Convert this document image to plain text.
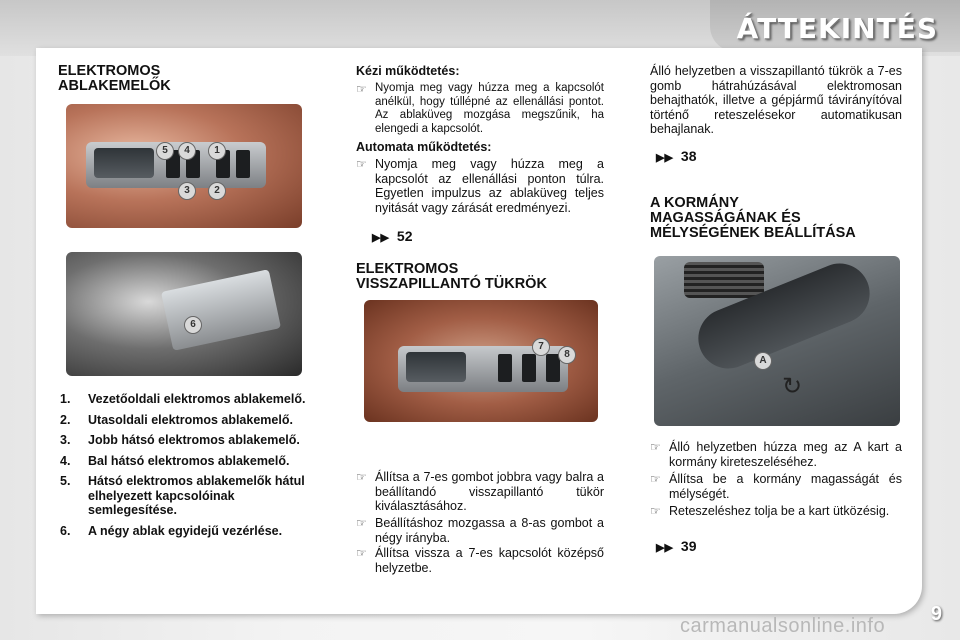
ÁTTEKINTÉS
ELEKTROMOS
ABLAKEMELŐK
5	4	1
3	2
6
1. Vezetőoldali elektromos ablakemelő.
2. Utasoldali elektromos ablakemelő.
3. Jobb hátsó elektromos ablakemelő.
4. Bal hátsó elektromos ablakemelő.
5. Hátsó elektromos ablakemelők hátul elhelyezett kapcsolóinak semlegesítése.
6. A négy ablak egyidejű vezérlése.
Kézi működtetés:
☞ Nyomja meg vagy húzza meg a kapcsolót anélkül, hogy túllépné az ellenállási pontot. Az ablaküveg mozgása megszűnik, ha elengedi a kapcsolót.
Automata működtetés:
☞ Nyomja meg vagy húzza meg a kapcsolót az ellenállási ponton túlra. Egyetlen impulzus az ablaküveg teljes nyitását vagy zárását eredményezi.
▶▶ 52
ELEKTROMOS
VISSZAPILLANTÓ TÜKRÖK
7
8
☞ Állítsa a 7-es gombot jobbra vagy balra a beállítandó visszapillantó tükör kiválasztásához.
☞ Beállításhoz mozgassa a 8-as gombot a négy irányba.
☞ Állítsa vissza a 7-es kapcsolót középső helyzetbe.
Álló helyzetben a visszapillantó tükrök a 7-es gomb hátrahúzásával elektromosan behajthatók, illetve a gépjármű távirányítóval történő reteszelésekor automatikusan behajlanak.
▶▶ 38
A KORMÁNY
MAGASSÁGÁNAK ÉS
MÉLYSÉGÉNEK BEÁLLÍTÁSA
A
↻
☞ Álló helyzetben húzza meg az A kart a kormány kireteszeléséhez.
☞ Állítsa be a kormány magasságát és mélységét.
☞ Reteszeléshez tolja be a kart ütközésig.
▶▶ 39
9
carmanualsonline.info
